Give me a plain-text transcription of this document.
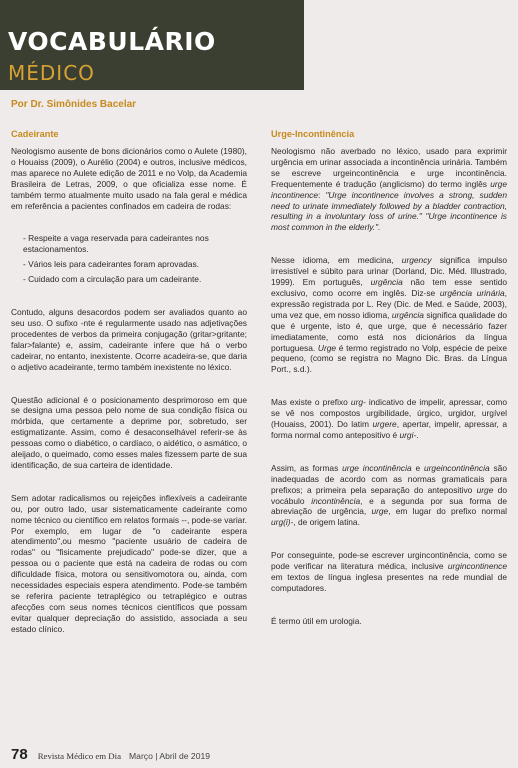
VOCABULÁRIO
MÉDICO
Por Dr. Simônides Bacelar
Cadeirante

Neologismo ausente de bons dicionários como o Aulete (1980), o Houaiss (2009), o Aurélio (2004) e outros, inclusive médicos, mas aparece no Aulete edição de 2011 e no Volp, da Academia Brasileira de Letras, 2009, o que oficializa esse nome. É também termo atualmente muito usado na fala geral e médica em referência a pacientes confinados em cadeira de rodas:

- Respeite a vaga reservada para cadeirantes nos estacionamentos.
- Vários leis para cadeirantes foram aprovadas.
- Cuidado com a circulação para um cadeirante.

Contudo, alguns desacordos podem ser avaliados quanto ao seu uso. O sufixo -nte é regularmente usado nas adjetivações procedentes de verbos da primeira conjugação (gritar>gritante; falar>falante) e, assim, cadeirante infere que há o verbo cadeirar, no entanto, inexistente. Ocorre acadeira-se, que daria o adjetivo acadeirante, termo também inexistente no léxico.

Questão adicional é o posicionamento desprimoroso em que se designa uma pessoa pelo nome de sua condição física ou mórbida, que certamente a deprime por, sobretudo, ser estigmatizante. Assim, como é desaconselhável referir-se às pessoas como o diabético, o cardíaco, o aidético, o asmático, o aleijado, o queimado, como esses males fizessem parte de sua identificação, de sua carteira de identidade.

Sem adotar radicalismos ou rejeições inflexíveis a cadeirante ou, por outro lado, usar sistematicamente cadeirante como nome técnico ou científico em relatos formais --, pode-se variar. Por exemplo, em lugar de "o cadeirante espera atendimento",ou mesmo "paciente usuário de cadeira de rodas" ou "fisicamente prejudicado" pode-se dizer, que a pessoa ou o paciente que está na cadeira de rodas ou com dificuldade física, motora ou sensitivomotora ou, ainda, com necessidades especiais espera atendimento. Pode-se também se referira paciente tetraplégico ou tetraplégico e outras afecções com seus nomes técnicos científicos que possam evitar qualquer depreciação do assistido, associada a seu estado clínico.

Urge-Incontinência

Neologismo não averbado no léxico, usado para exprimir urgência em urinar associada a incontinência urinária. Também se escreve urgeincontinência e urge incontinência. Frequentemente é tradução (anglicismo) do termo inglês urge incontinence: "Urge incontinence involves a strong, sudden need to urinate immediately followed by a bladder contraction, resulting in a involuntary loss of urine." "Urge incontinence is most common in the elderly.".

Nesse idioma, em medicina, urgency significa impulso irresistível e súbito para urinar (Dorland, Dic. Méd. Illustrado, 1999). Em português, urgência não tem esse sentido exclusivo, como ocorre em inglês. Diz-se urgência urinária, expressão registrada por L. Rey (Dic. de Med. e Saúde, 2003), uma vez que, em nosso idioma, urgência significa qualidade do que é urgente, isto é, que urge, que é necessário fazer imediatamente, como está nos dicionários da língua portuguesa. Urge é termo registrado no Volp, espécie de peixe pequeno, (como se registra no Magno Dic. Bras. da Língua Port., s.d.).

Mas existe o prefixo urg- indicativo de impelir, apressar, como se vê nos compostos urgibilidade, úrgico, urgidor, urgível (Houaiss, 2001). Do latim urgere, apertar, impelir, apressar, a forma normal como antepositivo é urgi-.

Assim, as formas urge incontinência e urgeincontinência são inadequadas de acordo com as normas gramaticais para prefixos; a primeira pela separação do antepositivo urge do vocábulo incontinência, e a segunda por sua forma de abreviação de urgência, urge, em lugar do prefixo normal urg(i)-, de origem latina.

Por conseguinte, pode-se escrever urgincontinência, como se pode verificar na literatura médica, inclusive urgincontinence em textos de língua inglesa presentes na rede mundial de computadores.

É termo útil em urologia.

78 Revista Médico em Dia Março | Abril de 2019
